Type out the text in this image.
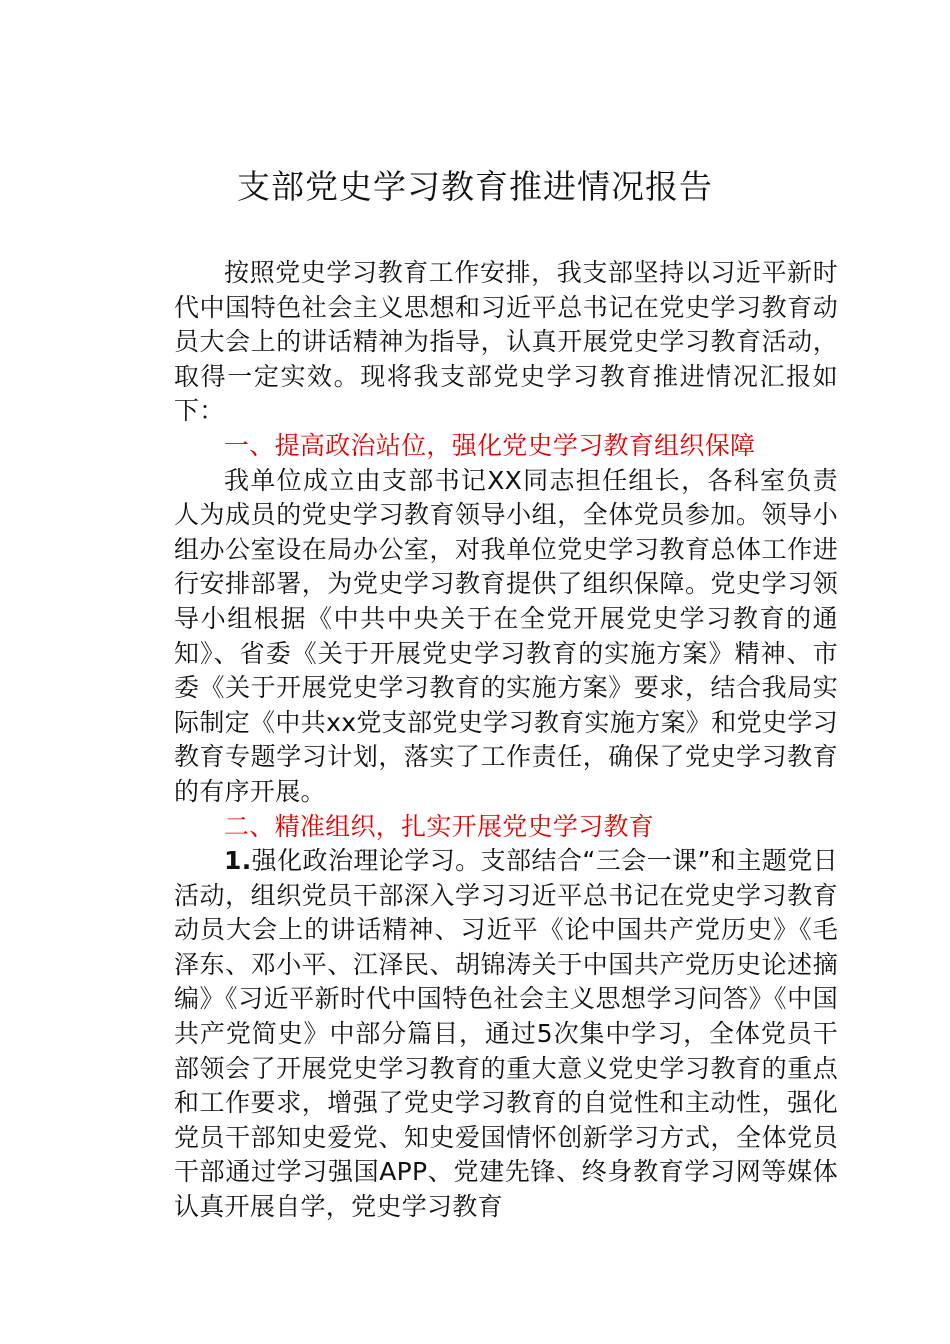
支部党史学习教育推进情况报告

按照党史学习教育工作安排，我支部坚持以习近平新时代中国特色社会主义思想和习近平总书记在党史学习教育动员大会上的讲话精神为指导，认真开展党史学习教育活动，取得一定实效。现将我支部党史学习教育推进情况汇报如下：

一、提高政治站位，强化党史学习教育组织保障

我单位成立由支部书记XX同志担任组长，各科室负责人为成员的党史学习教育领导小组，全体党员参加。领导小组办公室设在局办公室，对我单位党史学习教育总体工作进行安排部署，为党史学习教育提供了组织保障。党史学习领导小组根据《中共中央关于在全党开展党史学习教育的通知》、省委《关于开展党史学习教育的实施方案》精神、市委《关于开展党史学习教育的实施方案》要求，结合我局实际制定《中共xx党支部党史学习教育实施方案》和党史学习教育专题学习计划，落实了工作责任，确保了党史学习教育的有序开展。

二、精准组织，扎实开展党史学习教育

1.强化政治理论学习。支部结合“三会一课”和主题党日活动，组织党员干部深入学习习近平总书记在党史学习教育动员大会上的讲话精神、习近平《论中国共产党历史》《毛泽东、邓小平、江泽民、胡锦涛关于中国共产党历史论述摘编》《习近平新时代中国特色社会主义思想学习问答》《中国共产党简史》中部分篇目，通过5次集中学习，全体党员干部领会了开展党史学习教育的重大意义党史学习教育的重点和工作要求，增强了党史学习教育的自觉性和主动性，强化党员干部知史爱党、知史爱国情怀创新学习方式，全体党员干部通过学习强国APP、党建先锋、终身教育学习网等媒体认真开展自学，党史学习教育
